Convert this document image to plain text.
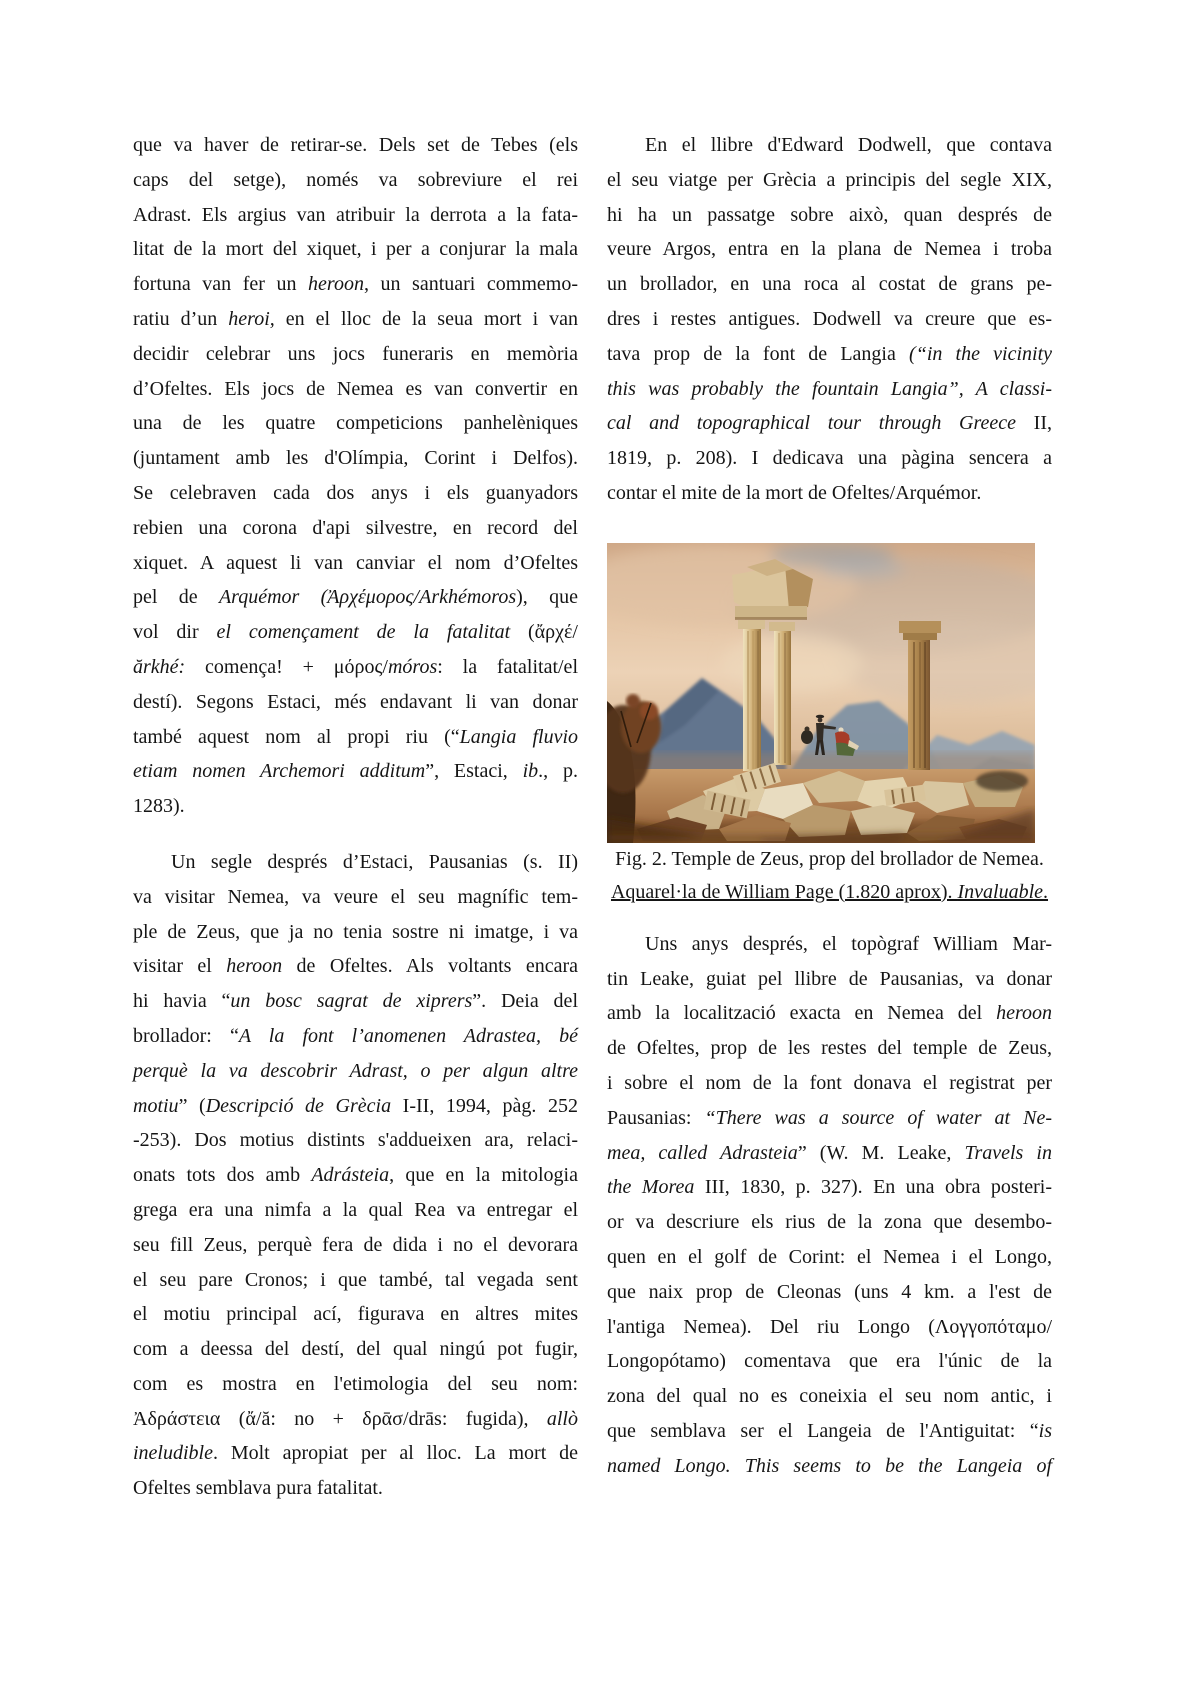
que va haver de retirar-se. Dels set de Tebes (els
caps del setge), només va sobreviure el rei
Adrast. Els argius van atribuir la derrota a la fata-
litat de la mort del xiquet, i per a conjurar la mala
fortuna van fer un heroon, un santuari commemo-
ratiu d’un heroi, en el lloc de la seua mort i van
decidir celebrar uns jocs funeraris en memòria
d’Ofeltes. Els jocs de Nemea es van convertir en
una de les quatre competicions panhelèniques
(juntament amb les d'Olímpia, Corint i Delfos).
Se celebraven cada dos anys i els guanyadors
rebien una corona d'api silvestre, en record del
xiquet. A aquest li van canviar el nom d’Ofeltes
pel de Arquémor (Ἀρχέμορος/Arkhémoros), que
vol dir el començament de la fatalitat (ἄρχέ/
ărkhé: comença! + μόρος/móros: la fatalitat/el
destí). Segons Estaci, més endavant li van donar
també aquest nom al propi riu (“Langia fluvio
etiam nomen Archemori additum”, Estaci, ib., p.
1283).
Un segle després d’Estaci, Pausanias (s. II)
va visitar Nemea, va veure el seu magnífic tem-
ple de Zeus, que ja no tenia sostre ni imatge, i va
visitar el heroon de Ofeltes. Als voltants encara
hi havia “un bosc sagrat de xiprers”. Deia del
brollador: “A la font l’anomenen Adrastea, bé
perquè la va descobrir Adrast, o per algun altre
motiu” (Descripció de Grècia I-II, 1994, pàg. 252
-253). Dos motius distints s'addueixen ara, relaci-
onats tots dos amb Adrásteia, que en la mitologia
grega era una nimfa a la qual Rea va entregar el
seu fill Zeus, perquè fera de dida i no el devorara
el seu pare Cronos; i que també, tal vegada sent
el motiu principal ací, figurava en altres mites
com a deessa del destí, del qual ningú pot fugir,
com es mostra en l'etimologia del seu nom:
Ἀδράστεια (ἄ/ă: no + δρᾱσ/drās: fugida), allò
ineludible. Molt apropiat per al lloc. La mort de
Ofeltes semblava pura fatalitat.
En el llibre d'Edward Dodwell, que contava
el seu viatge per Grècia a principis del segle XIX,
hi ha un passatge sobre això, quan després de
veure Argos, entra en la plana de Nemea i troba
un brollador, en una roca al costat de grans pe-
dres i restes antigues. Dodwell va creure que es-
tava prop de la font de Langia (“in the vicinity
this was probably the fountain Langia”, A classi-
cal and topographical tour through Greece II,
1819, p. 208). I dedicava una pàgina sencera a
contar el mite de la mort de Ofeltes/Arquémor.
Fig. 2. Temple de Zeus, prop del brollador de Nemea.
Aquarel·la de William Page (1.820 aprox). Invaluable.
Uns anys després, el topògraf William Mar-
tin Leake, guiat pel llibre de Pausanias, va donar
amb la localització exacta en Nemea del heroon
de Ofeltes, prop de les restes del temple de Zeus,
i sobre el nom de la font donava el registrat per
Pausanias: “There was a source of water at Ne-
mea, called Adrasteia” (W. M. Leake, Travels in
the Morea III, 1830, p. 327). En una obra posteri-
or va descriure els rius de la zona que desembo-
quen en el golf de Corint: el Nemea i el Longo,
que naix prop de Cleonas (uns 4 km. a l'est de
l'antiga Nemea). Del riu Longo (Λογγοπόταμο/
Longopótamo) comentava que era l'únic de la
zona del qual no es coneixia el seu nom antic, i
que semblava ser el Langeia de l'Antiguitat: “is
named Longo. This seems to be the Langeia of
